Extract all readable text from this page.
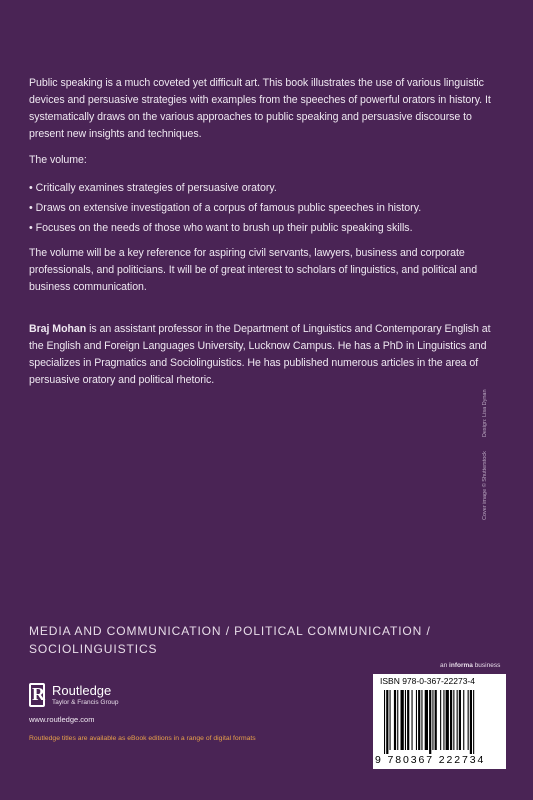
Public speaking is a much coveted yet difficult art. This book illustrates the use of various linguistic devices and persuasive strategies with examples from the speeches of powerful orators in history. It systematically draws on the various approaches to public speaking and persuasive discourse to present new insights and techniques.

The volume:

• Critically examines strategies of persuasive oratory.
• Draws on extensive investigation of a corpus of famous public speeches in history.
• Focuses on the needs of those who want to brush up their public speaking skills.

The volume will be a key reference for aspiring civil servants, lawyers, business and corporate professionals, and politicians. It will be of great interest to scholars of linguistics, and political and business communication.

Braj Mohan is an assistant professor in the Department of Linguistics and Contemporary English at the English and Foreign Languages University, Lucknow Campus. He has a PhD in Linguistics and specializes in Pragmatics and Sociolinguistics. He has published numerous articles in the area of persuasive oratory and political rhetoric.

Cover image © ShutterstockDesign: Lisa Dynan
MEDIA AND COMMUNICATION / POLITICAL COMMUNICATION / SOCIOLINGUISTICS
an informa business
R
Routledge
Taylor & Francis Group
www.routledge.com
Routledge titles are available as eBook editions in a range of digital formats
ISBN 978-0-367-22273-4
9 780367 222734
